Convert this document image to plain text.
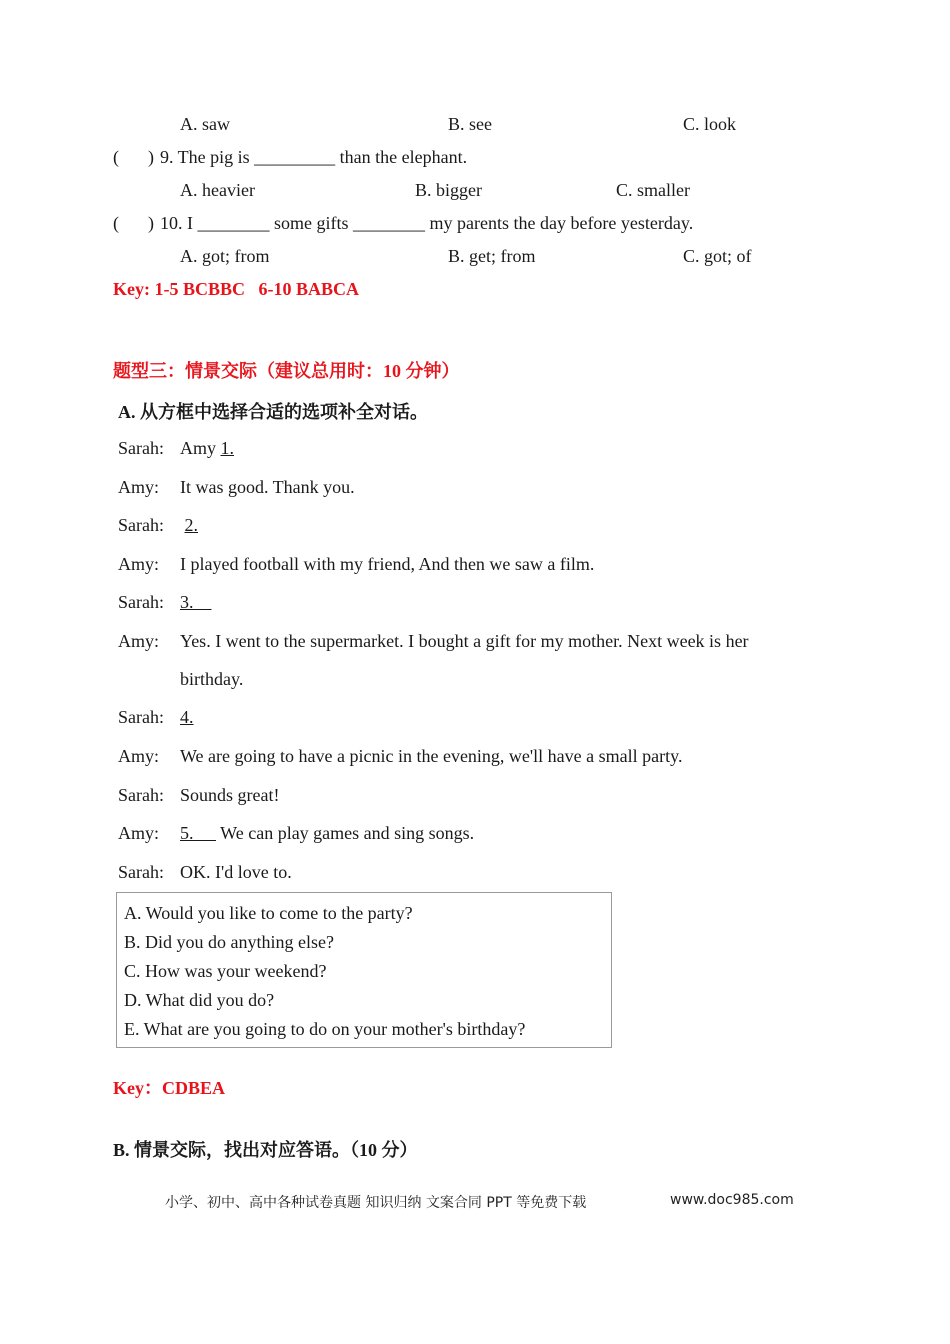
A. saw	B. see	C. look
( ) 9. The pig is _________ than the elephant.
A. heavier	B. bigger	C. smaller
( ) 10. I ________ some gifts ________ my parents the day before yesterday.
A. got; from	B. get; from	C. got; of
Key: 1-5 BCBBC   6-10 BABCA
题型三：情景交际（建议总用时：10 分钟）
A. 从方框中选择合适的选项补全对话。
Sarah: Amy 1.
Amy: It was good. Thank you.
Sarah: 2.
Amy: I played football with my friend, And then we saw a film.
Sarah: 3.
Amy: Yes. I went to the supermarket. I bought a gift for my mother. Next week is her
birthday.
Sarah: 4.
Amy: We are going to have a picnic in the evening, we'll have a small party.
Sarah: Sounds great!
Amy: 5.      We can play games and sing songs.
Sarah: OK. I'd love to.
A. Would you like to come to the party?
B. Did you do anything else?
C. How was your weekend?
D. What did you do?
E. What are you going to do on your mother's birthday?
Key：CDBEA
B. 情景交际，找出对应答语。（10 分）
小学、初中、高中各种试卷真题 知识归纳 文案合同 PPT 等免费下载	www.doc985.com
